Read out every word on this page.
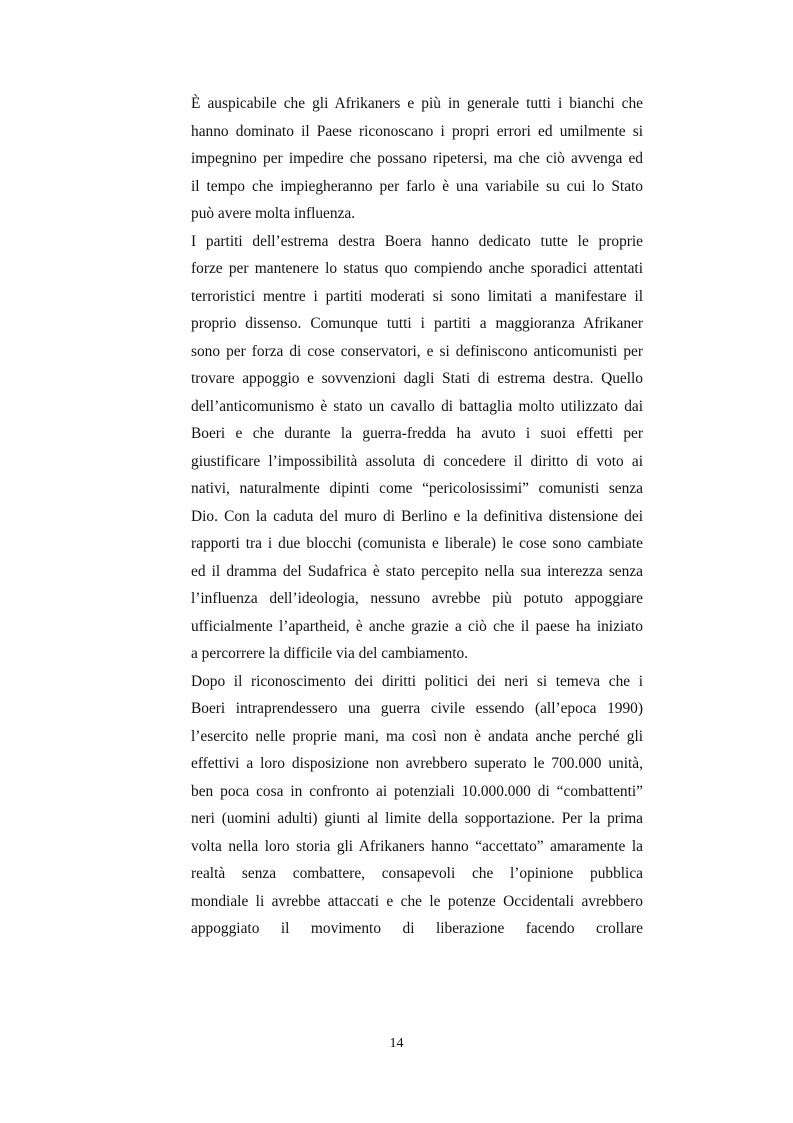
È auspicabile che gli Afrikaners e più in generale tutti i bianchi che
hanno dominato il Paese riconoscano i propri errori ed umilmente si
impegnino per impedire che possano ripetersi, ma che ciò avvenga ed
il tempo che impiegheranno per farlo è una variabile su cui lo Stato
può avere molta influenza.
I partiti dell’estrema destra Boera hanno dedicato tutte le proprie
forze per mantenere lo status quo compiendo anche sporadici attentati
terroristici mentre i partiti moderati si sono limitati a manifestare il
proprio dissenso. Comunque tutti i partiti a maggioranza Afrikaner
sono per forza di cose conservatori, e si definiscono anticomunisti per
trovare appoggio e sovvenzioni dagli Stati di estrema destra. Quello
dell’anticomunismo è stato un cavallo di battaglia molto utilizzato dai
Boeri e che durante la guerra-fredda ha avuto i suoi effetti per
giustificare l’impossibilità assoluta di concedere il diritto di voto ai
nativi, naturalmente dipinti come “pericolosissimi” comunisti senza
Dio. Con la caduta del muro di Berlino e la definitiva distensione dei
rapporti tra i due blocchi (comunista e liberale) le cose sono cambiate
ed il dramma del Sudafrica è stato percepito nella sua interezza senza
l’influenza dell’ideologia, nessuno avrebbe più potuto appoggiare
ufficialmente l’apartheid, è anche grazie a ciò che il paese ha iniziato
a percorrere la difficile via del cambiamento.
Dopo il riconoscimento dei diritti politici dei neri si temeva che i
Boeri intraprendessero una guerra civile essendo (all’epoca 1990)
l’esercito nelle proprie mani, ma così non è andata anche perché gli
effettivi a loro disposizione non avrebbero superato le 700.000 unità,
ben poca cosa in confronto ai potenziali 10.000.000 di “combattenti”
neri (uomini adulti) giunti al limite della sopportazione. Per la prima
volta nella loro storia gli Afrikaners hanno “accettato” amaramente la
realtà senza combattere, consapevoli che l’opinione pubblica
mondiale li avrebbe attaccati e che le potenze Occidentali avrebbero
appoggiato il movimento di liberazione facendo crollare
14
